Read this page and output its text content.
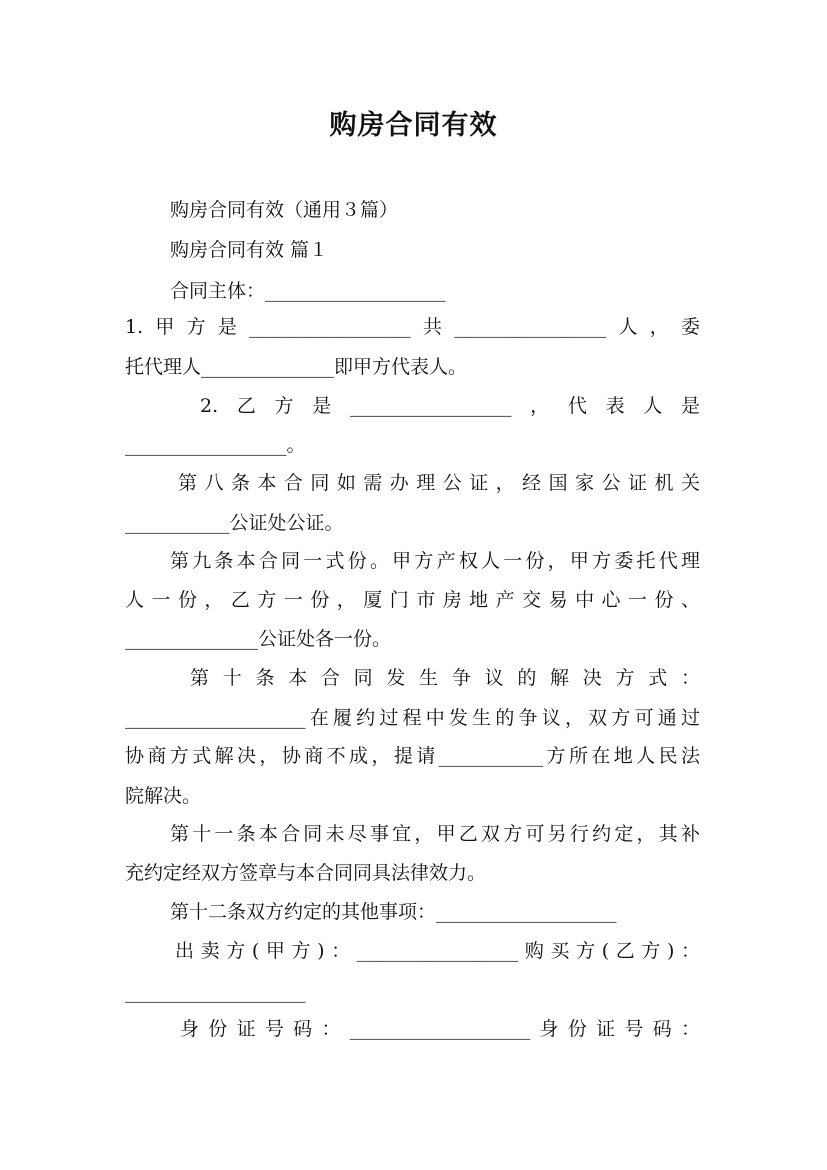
购房合同有效
购房合同有效（通用３篇）
购房合同有效 篇１
合同主体：___________________
1.甲方是_________________共________________人，委
托代理人______________即甲方代表人。
2.乙方是_________________，代表人是
_________________。
第八条本合同如需办理公证，经国家公证机关
___________公证处公证。
第九条本合同一式份。甲方产权人一份，甲方委托代理
人一份，乙方一份，厦门市房地产交易中心一份、
______________公证处各一份。
第十条本合同发生争议的解决方式：
___________________在履约过程中发生的争议，双方可通过
协商方式解决，协商不成，提请___________方所在地人民法
院解决。
第十一条本合同未尽事宜，甲乙双方可另行约定，其补
充约定经双方签章与本合同同具法律效力。
第十二条双方约定的其他事项：___________________
出卖方(甲方)：_________________购买方(乙方)：
___________________
身份证号码：___________________身份证号码：
